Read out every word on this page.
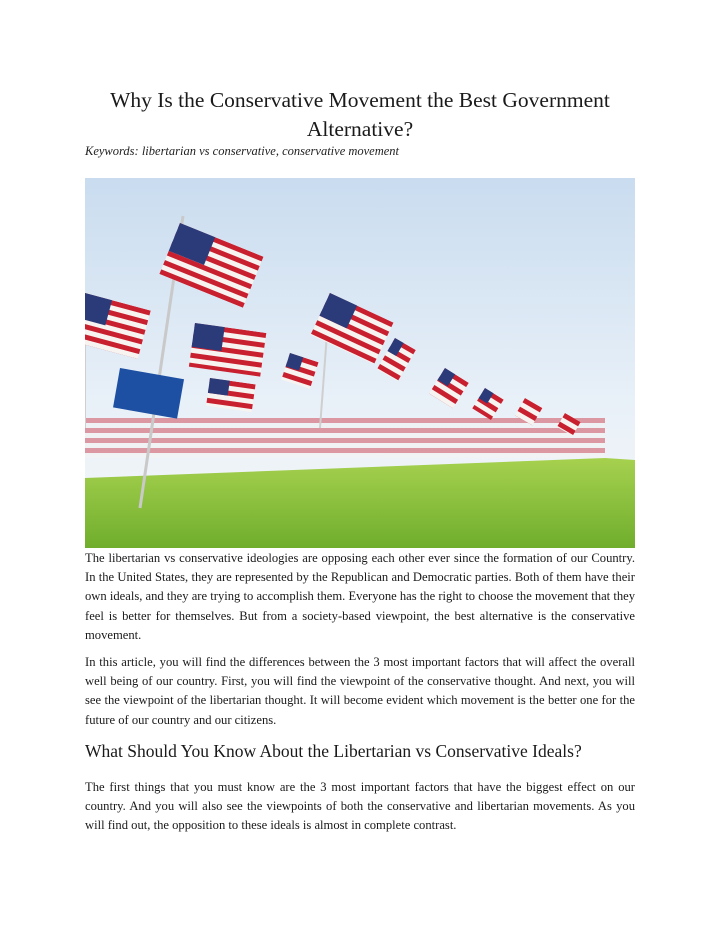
Why Is the Conservative Movement the Best Government Alternative?
Keywords: libertarian vs conservative, conservative movement
The libertarian vs conservative ideologies are opposing each other ever since the formation of our Country. In the United States, they are represented by the Republican and Democratic parties. Both of them have their own ideals, and they are trying to accomplish them. Everyone has the right to choose the movement that they feel is better for themselves. But from a society-based viewpoint, the best alternative is the conservative movement.
In this article, you will find the differences between the 3 most important factors that will affect the overall well being of our country. First, you will find the viewpoint of the conservative thought. And next, you will see the viewpoint of the libertarian thought. It will become evident which movement is the better one for the future of our country and our citizens.
What Should You Know About the Libertarian vs Conservative Ideals?
The first things that you must know are the 3 most important factors that have the biggest effect on our country. And you will also see the viewpoints of both the conservative and libertarian movements. As you will find out, the opposition to these ideals is almost in complete contrast.
